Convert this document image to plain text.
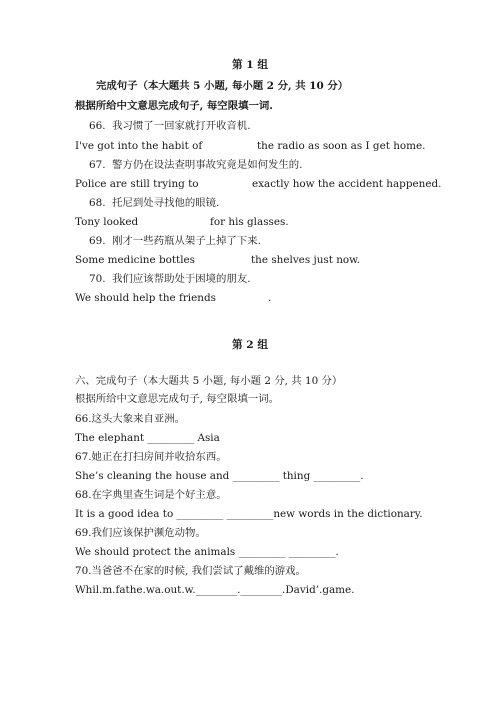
第 1 组
完成句子（本大题共 5 小题, 每小题 2 分, 共 10 分）
根据所给中文意思完成句子, 每空限填一词.
66.  我习惯了一回家就打开收音机.
I've got into the habit of	the radio as soon as I get home.
67.  警方仍在设法查明事故究竟是如何发生的.
Police are still trying to	exactly how the accident happened.
68.  托尼到处寻找他的眼镜.
Tony looked	for his glasses.
69.  刚才一些药瓶从架子上掉了下来.
Some medicine bottles	the shelves just now.
70.  我们应该帮助处于困境的朋友.
We should help the friends	.
第 2 组
六、完成句子（本大题共 5 小题, 每小题 2 分, 共 10 分）
根据所给中文意思完成句子, 每空限填一词。
66.这头大象来自亚洲。
The elephant _________ Asia
67.她正在打扫房间并收拾东西。
She’s cleaning the house and _________ thing _________.
68.在字典里查生词是个好主意。
It is a good idea to _________ _________new words in the dictionary.
69.我们应该保护濒危动物。
We should protect the animals _________ _________.
70.当爸爸不在家的时候, 我们尝试了戴维的游戏。
Whil.m.fathe.wa.out.w.________.________.David’.game.
